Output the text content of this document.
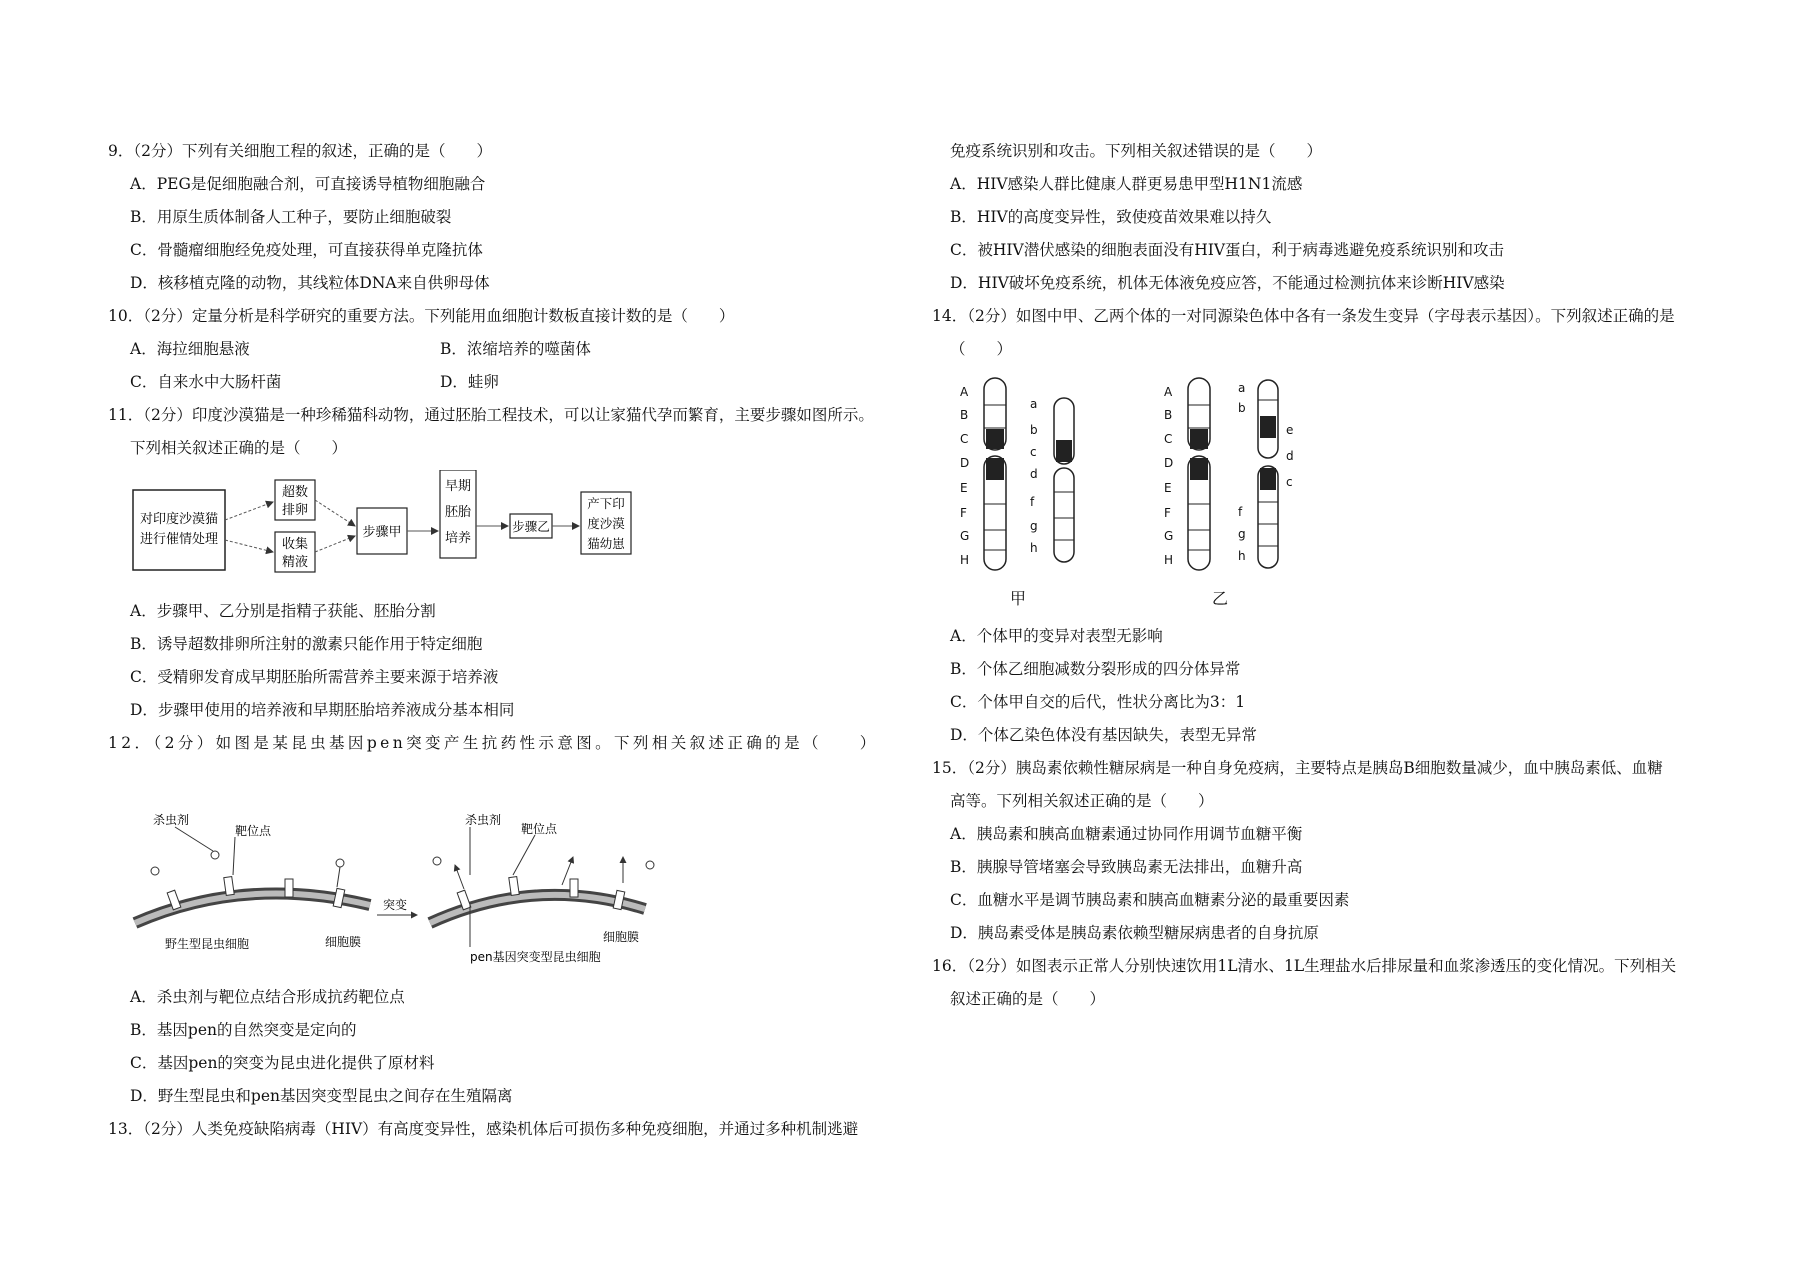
9．（2分）下列有关细胞工程的叙述，正确的是（　　）
A．PEG是促细胞融合剂，可直接诱导植物细胞融合
B．用原生质体制备人工种子，要防止细胞破裂
C．骨髓瘤细胞经免疫处理，可直接获得单克隆抗体
D．核移植克隆的动物，其线粒体DNA来自供卵母体
10．（2分）定量分析是科学研究的重要方法。下列能用血细胞计数板直接计数的是（　　）
A．海拉细胞悬液	B．浓缩培养的噬菌体
C．自来水中大肠杆菌	D．蛙卵
11．（2分）印度沙漠猫是一种珍稀猫科动物，通过胚胎工程技术，可以让家猫代孕而繁育，主要步骤如图所示。
下列相关叙述正确的是（　　）
对印度沙漠猫
进行催情处理
超数
排卵
收集
精液
步骤甲
早期
胚胎
培养
步骤乙
产下印
度沙漠
猫幼崽
A．步骤甲、乙分别是指精子获能、胚胎分割
B．诱导超数排卵所注射的激素只能作用于特定细胞
C．受精卵发育成早期胚胎所需营养主要来源于培养液
D．步骤甲使用的培养液和早期胚胎培养液成分基本相同
12．（2分）如图是某昆虫基因pen突变产生抗药性示意图。下列相关叙述正确的是（　　）
杀虫剂
靶位点
野生型昆虫细胞	细胞膜
突变
杀虫剂
靶位点
pen基因突变型昆虫细胞
细胞膜
A．杀虫剂与靶位点结合形成抗药靶位点
B．基因pen的自然突变是定向的
C．基因pen的突变为昆虫进化提供了原材料
D．野生型昆虫和pen基因突变型昆虫之间存在生殖隔离
13．（2分）人类免疫缺陷病毒（HIV）有高度变异性，感染机体后可损伤多种免疫细胞，并通过多种机制逃避
免疫系统识别和攻击。下列相关叙述错误的是（　　）
A．HIV感染人群比健康人群更易患甲型H1N1流感
B．HIV的高度变异性，致使疫苗效果难以持久
C．被HIV潜伏感染的细胞表面没有HIV蛋白，利于病毒逃避免疫系统识别和攻击
D．HIV破坏免疫系统，机体无体液免疫应答，不能通过检测抗体来诊断HIV感染
14．（2分）如图中甲、乙两个体的一对同源染色体中各有一条发生变异（字母表示基因）。下列叙述正确的是
（　　）
A
B
C
D
E
F
G
H
a
b
c
d
f
g
h
甲
A
B
C
D
E
F
G
H
a
b
f
g
h
e
d
c
乙
A．个体甲的变异对表型无影响
B．个体乙细胞减数分裂形成的四分体异常
C．个体甲自交的后代，性状分离比为3：1
D．个体乙染色体没有基因缺失，表型无异常
15．（2分）胰岛素依赖性糖尿病是一种自身免疫病，主要特点是胰岛B细胞数量减少，血中胰岛素低、血糖
高等。下列相关叙述正确的是（　　）
A．胰岛素和胰高血糖素通过协同作用调节血糖平衡
B．胰腺导管堵塞会导致胰岛素无法排出，血糖升高
C．血糖水平是调节胰岛素和胰高血糖素分泌的最重要因素
D．胰岛素受体是胰岛素依赖型糖尿病患者的自身抗原
16．（2分）如图表示正常人分别快速饮用1L清水、1L生理盐水后排尿量和血浆渗透压的变化情况。下列相关
叙述正确的是（　　）
